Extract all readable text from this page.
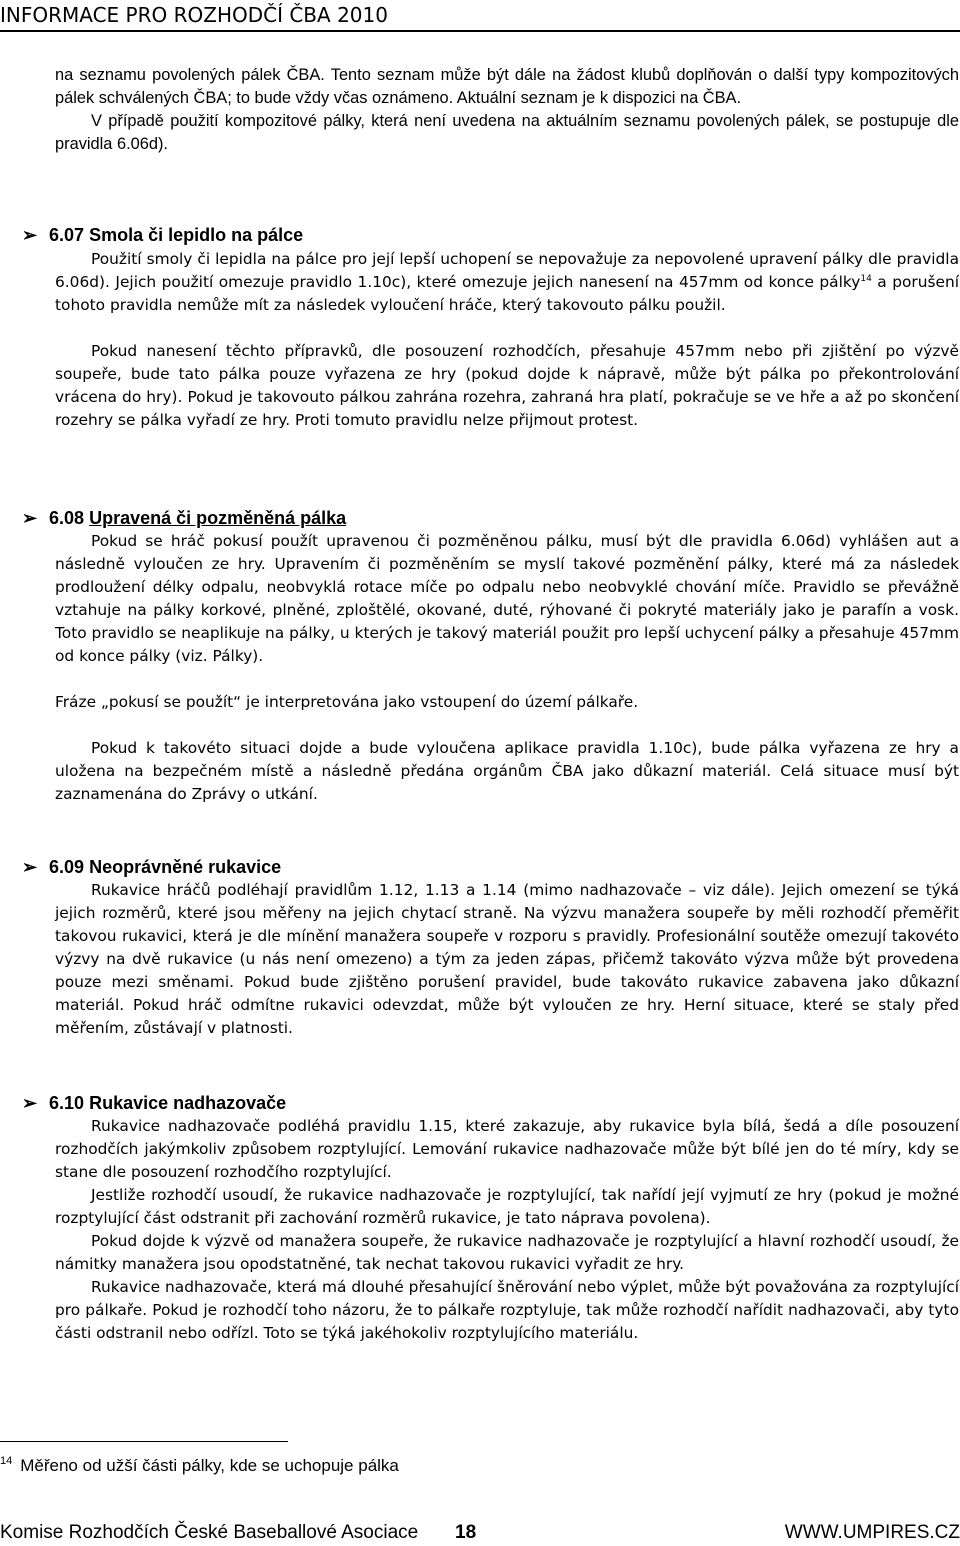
INFORMACE PRO ROZHODČÍ ČBA 2010

na seznamu povolených pálek ČBA. Tento seznam může být dále na žádost klubů doplňován o další typy kompozitových pálek schválených ČBA; to bude vždy včas oznámeno. Aktuální seznam je k dispozici na ČBA.

V případě použití kompozitové pálky, která není uvedena na aktuálním seznamu povolených pálek, se postupuje dle pravidla 6.06d).

➢ 6.07 Smola či lepidlo na pálce

Použití smoly či lepidla na pálce pro její lepší uchopení se nepovažuje za nepovolené upravení pálky dle pravidla 6.06d). Jejich použití omezuje pravidlo 1.10c), které omezuje jejich nanesení na 457mm od konce pálky$^{14}$ a porušení tohoto pravidla nemůže mít za následek vyloučení hráče, který takovouto pálku použil.

Pokud nanesení těchto přípravků, dle posouzení rozhodčích, přesahuje 457mm nebo při zjištění po výzvě soupeře, bude tato pálka pouze vyřazena ze hry (pokud dojde k nápravě, může být pálka po překontrolování vrácena do hry). Pokud je takovouto pálkou zahrána rozehra, zahraná hra platí, pokračuje se ve hře a až po skončení rozehry se pálka vyřadí ze hry. Proti tomuto pravidlu nelze přijmout protest.

➢ 6.08 Upravená či pozměněná pálka

Pokud se hráč pokusí použít upravenou či pozměněnou pálku, musí být dle pravidla 6.06d) vyhlášen aut a následně vyloučen ze hry. Upravením či pozměněním se myslí takové pozměnění pálky, které má za následek prodloužení délky odpalu, neobvyklá rotace míče po odpalu nebo neobvyklé chování míče. Pravidlo se převážně vztahuje na pálky korkové, plněné, zploštělé, okované, duté, rýhované či pokryté materiály jako je parafín a vosk. Toto pravidlo se neaplikuje na pálky, u kterých je takový materiál použit pro lepší uchycení pálky a přesahuje 457mm od konce pálky (viz. Pálky).

Fráze „pokusí se použít“ je interpretována jako vstoupení do území pálkaře.

Pokud k takovéto situaci dojde a bude vyloučena aplikace pravidla 1.10c), bude pálka vyřazena ze hry a uložena na bezpečném místě a následně předána orgánům ČBA jako důkazní materiál. Celá situace musí být zaznamenána do Zprávy o utkání.

➢ 6.09 Neoprávněné rukavice

Rukavice hráčů podléhají pravidlům 1.12, 1.13 a 1.14 (mimo nadhazovače – viz dále). Jejich omezení se týká jejich rozměrů, které jsou měřeny na jejich chytací straně. Na výzvu manažera soupeře by měli rozhodčí přeměřit takovou rukavici, která je dle mínění manažera soupeře v rozporu s pravidly. Profesionální soutěže omezují takovéto výzvy na dvě rukavice (u nás není omezeno) a tým za jeden zápas, přičemž takováto výzva může být provedena pouze mezi směnami. Pokud bude zjištěno porušení pravidel, bude takováto rukavice zabavena jako důkazní materiál. Pokud hráč odmítne rukavici odevzdat, může být vyloučen ze hry. Herní situace, které se staly před měřením, zůstávají v platnosti.

➢ 6.10 Rukavice nadhazovače

Rukavice nadhazovače podléhá pravidlu 1.15, které zakazuje, aby rukavice byla bílá, šedá a díle posouzení rozhodčích jakýmkoliv způsobem rozptylující. Lemování rukavice nadhazovače může být bílé jen do té míry, kdy se stane dle posouzení rozhodčího rozptylující.

Jestliže rozhodčí usoudí, že rukavice nadhazovače je rozptylující, tak nařídí její vyjmutí ze hry (pokud je možné rozptylující část odstranit při zachování rozměrů rukavice, je tato náprava povolena).

Pokud dojde k výzvě od manažera soupeře, že rukavice nadhazovače je rozptylující a hlavní rozhodčí usoudí, že námitky manažera jsou opodstatněné, tak nechat takovou rukavici vyřadit ze hry.

Rukavice nadhazovače, která má dlouhé přesahující šněrování nebo výplet, může být považována za rozptylující pro pálkaře. Pokud je rozhodčí toho názoru, že to pálkaře rozptyluje, tak může rozhodčí nařídit nadhazovači, aby tyto části odstranil nebo odřízl. Toto se týká jakéhokoliv rozptylujícího materiálu.

$^{14}$ Měřeno od užší části pálky, kde se uchopuje pálka
Komise Rozhodčích České Baseballové Asociace 18	WWW.UMPIRES.CZ
